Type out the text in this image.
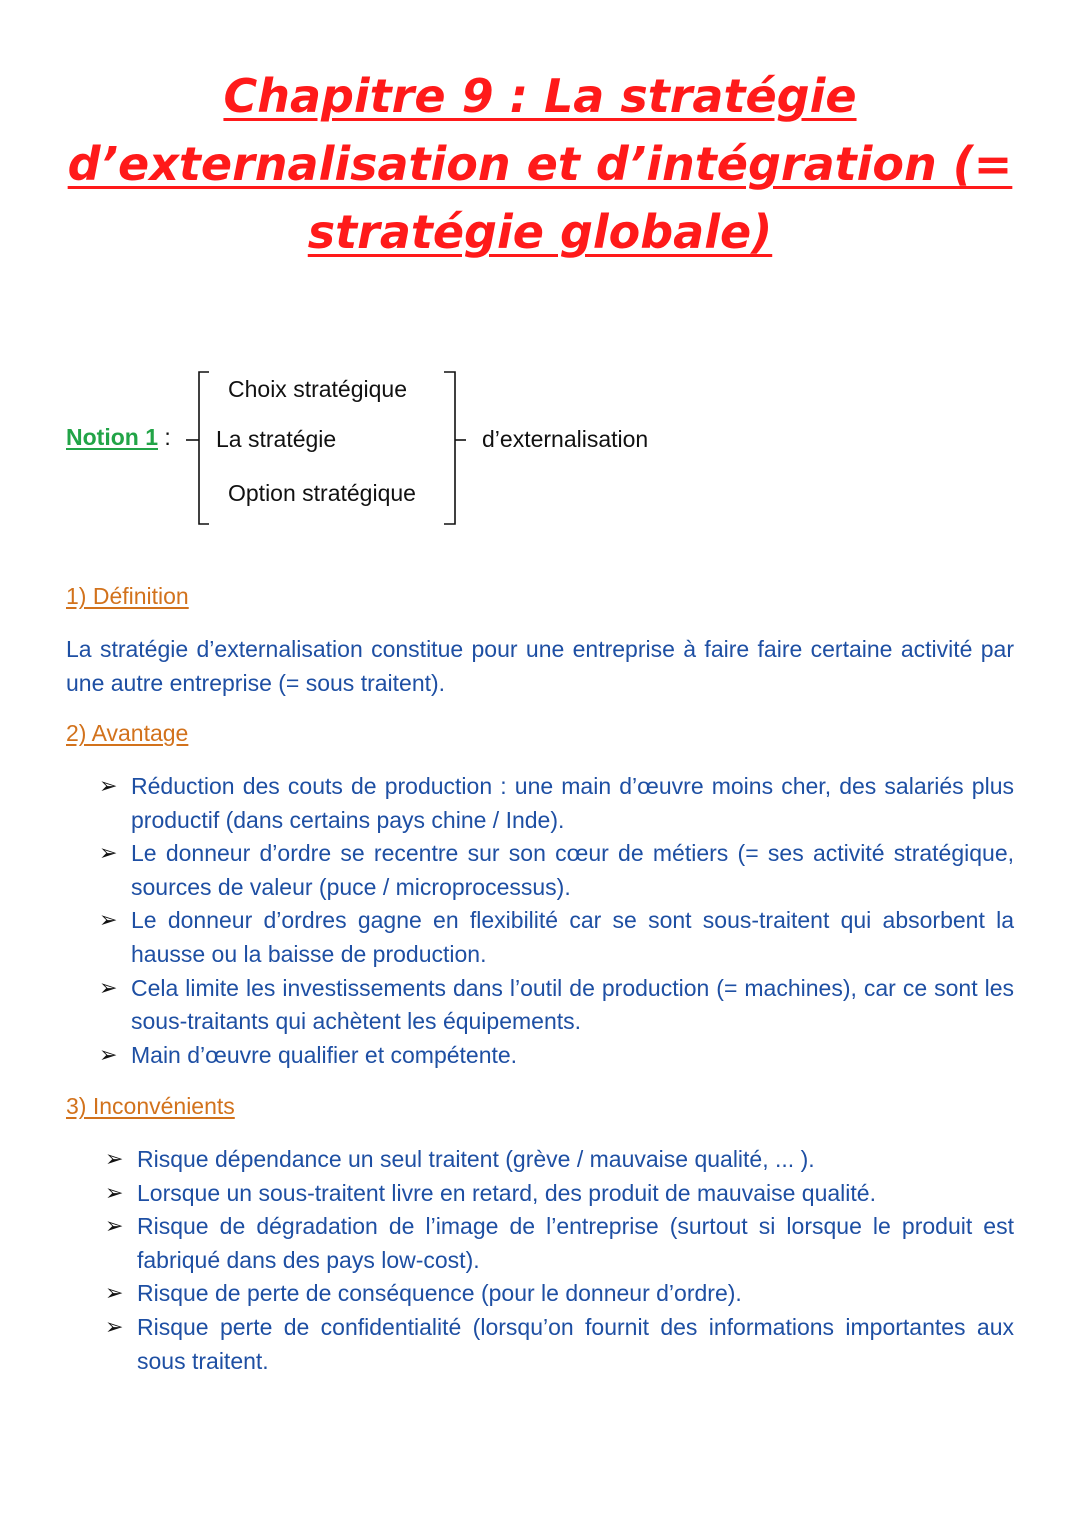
Chapitre 9 : La stratégie
d’externalisation et d’intégration (=
stratégie globale)
Notion 1 :
Choix stratégique
La stratégie
Option stratégique
d’externalisation
1) Définition
La stratégie d’externalisation constitue pour une entreprise à faire faire certaine activité par une autre entreprise (= sous traitent).
2) Avantage
➢ Réduction des couts de production : une main d’œuvre moins cher, des salariés plus productif (dans certains pays chine / Inde).
➢ Le donneur d’ordre se recentre sur son cœur de métiers (= ses activité stratégique, sources de valeur (puce / microprocessus).
➢ Le donneur d’ordres gagne en flexibilité car se sont sous-traitent qui absorbent la hausse ou la baisse de production.
➢ Cela limite les investissements dans l’outil de production (= machines), car ce sont les sous-traitants qui achètent les équipements.
➢ Main d’œuvre qualifier et compétente.
3) Inconvénients
➢ Risque dépendance un seul traitent (grève / mauvaise qualité, ... ).
➢ Lorsque un sous-traitent livre en retard, des produit de mauvaise qualité.
➢ Risque de dégradation de l’image de l’entreprise (surtout si lorsque le produit est fabriqué dans des pays low-cost).
➢ Risque de perte de conséquence (pour le donneur d’ordre).
➢ Risque perte de confidentialité (lorsqu’on fournit des informations importantes aux sous traitent.
